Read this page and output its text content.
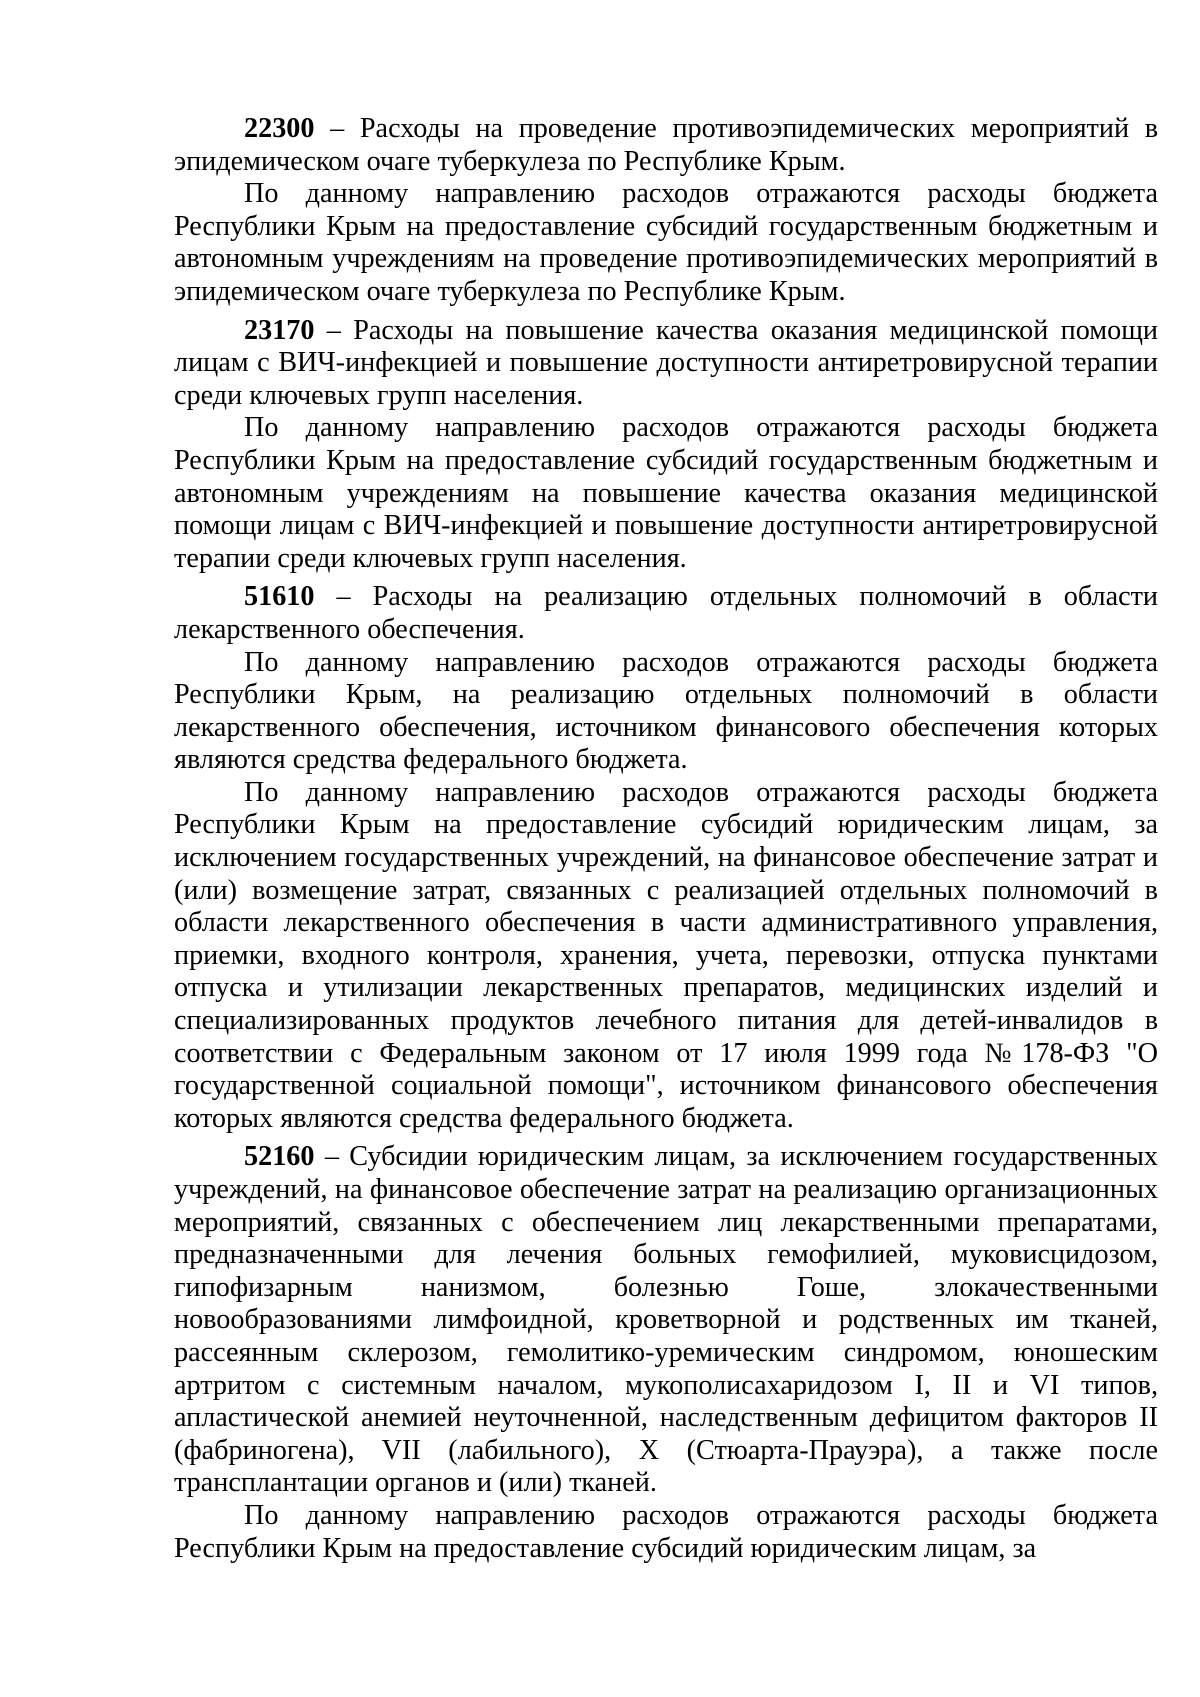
22300 – Расходы на проведение противоэпидемических мероприятий в эпидемическом очаге туберкулеза по Республике Крым.

По данному направлению расходов отражаются расходы бюджета Республики Крым на предоставление субсидий государственным бюджетным и автономным учреждениям на проведение противоэпидемических мероприятий в эпидемическом очаге туберкулеза по Республике Крым.

23170 – Расходы на повышение качества оказания медицинской помощи лицам с ВИЧ-инфекцией и повышение доступности антиретровирусной терапии среди ключевых групп населения.

По данному направлению расходов отражаются расходы бюджета Республики Крым на предоставление субсидий государственным бюджетным и автономным учреждениям на повышение качества оказания медицинской помощи лицам с ВИЧ-инфекцией и повышение доступности антиретровирусной терапии среди ключевых групп населения.

51610 – Расходы на реализацию отдельных полномочий в области лекарственного обеспечения.

По данному направлению расходов отражаются расходы бюджета Республики Крым, на реализацию отдельных полномочий в области лекарственного обеспечения, источником финансового обеспечения которых являются средства федерального бюджета.

По данному направлению расходов отражаются расходы бюджета Республики Крым на предоставление субсидий юридическим лицам, за исключением государственных учреждений, на финансовое обеспечение затрат и (или) возмещение затрат, связанных с реализацией отдельных полномочий в области лекарственного обеспечения в части административного управления, приемки, входного контроля, хранения, учета, перевозки, отпуска пунктами отпуска и утилизации лекарственных препаратов, медицинских изделий и специализированных продуктов лечебного питания для детей-инвалидов в соответствии с Федеральным законом от 17 июля 1999 года №178-ФЗ "О государственной социальной помощи", источником финансового обеспечения которых являются средства федерального бюджета.

52160 – Субсидии юридическим лицам, за исключением государственных учреждений, на финансовое обеспечение затрат на реализацию организационных мероприятий, связанных с обеспечением лиц лекарственными препаратами, предназначенными для лечения больных гемофилией, муковисцидозом, гипофизарным нанизмом, болезнью Гоше, злокачественными новообразованиями лимфоидной, кроветворной и родственных им тканей, рассеянным склерозом, гемолитико-уремическим синдромом, юношеским артритом с системным началом, мукополисахаридозом I, II и VI типов, апластической анемией неуточненной, наследственным дефицитом факторов II (фабриногена), VII (лабильного), X (Стюарта-Прауэра), а также после трансплантации органов и (или) тканей.

По данному направлению расходов отражаются расходы бюджета Республики Крым на предоставление субсидий юридическим лицам, за
